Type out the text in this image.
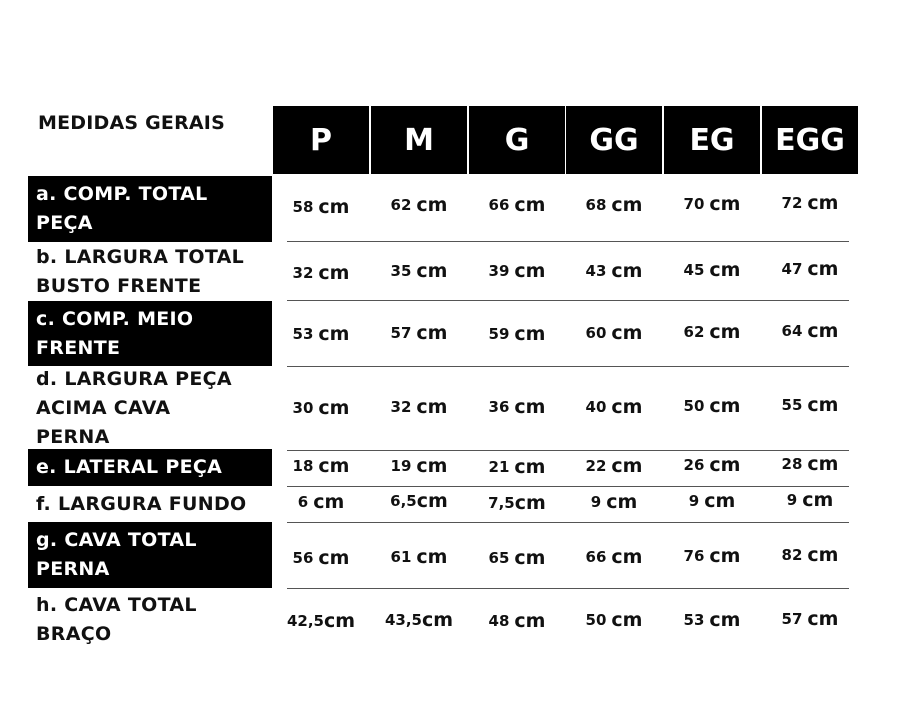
MEDIDAS GERAIS	P	M	G	GG	EG	EGG
a. COMP. TOTAL
PEÇA
58 cm	62 cm	66 cm	68 cm	70 cm	72 cm
b. LARGURA TOTAL
BUSTO FRENTE
32 cm	35 cm	39 cm	43 cm	45 cm	47 cm
c. COMP. MEIO
FRENTE
53 cm	57 cm	59 cm	60 cm	62 cm	64 cm
d. LARGURA PEÇA
ACIMA CAVA
PERNA
30 cm	32 cm	36 cm	40 cm	50 cm	55 cm
e. LATERAL PEÇA	18 cm	19 cm	21 cm	22 cm	26 cm	28 cm
f. LARGURA FUNDO	6 cm	6,5 cm	7,5 cm	9 cm	9 cm	9 cm
g. CAVA TOTAL
PERNA	56 cm	61 cm	65 cm	66 cm	76 cm	82 cm
h. CAVA TOTAL
BRAÇO
42,5 cm 43,5 cm 48 cm	50 cm	53 cm	57 cm
